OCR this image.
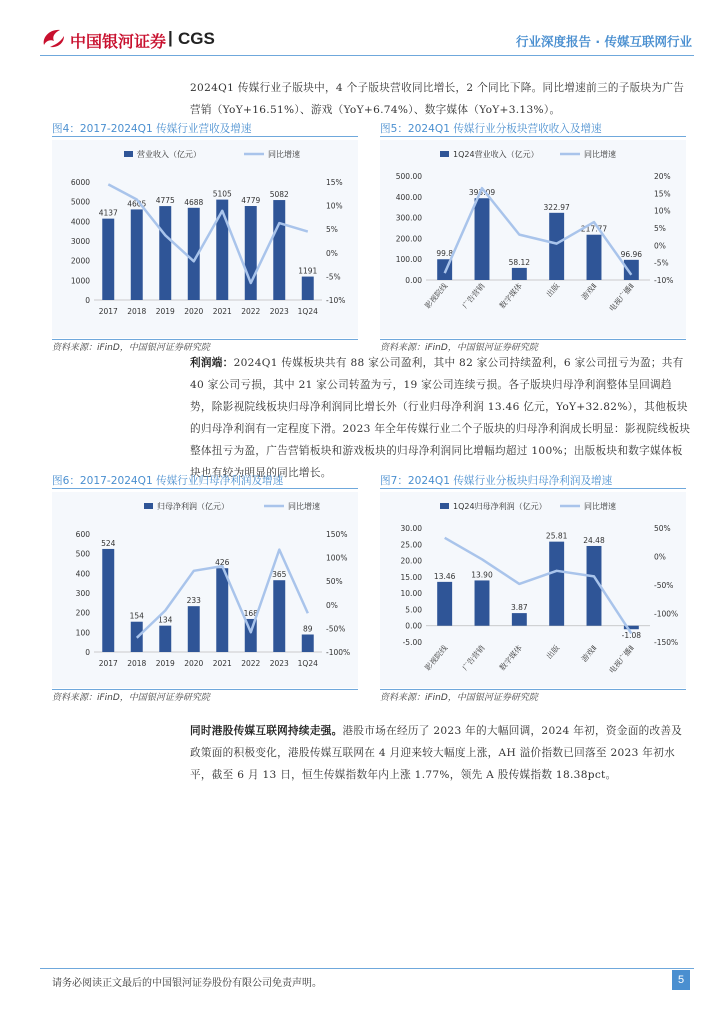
中国银河证券 | CGS	行业深度报告 · 传媒互联网行业
2024Q1 传媒行业子版块中，4 个子版块营收同比增长，2 个同比下降。同比增速前三的子版块为广告营销（YoY+16.51%）、游戏（YoY+6.74%）、数字媒体（YoY+3.13%）。
图4：2017-2024Q1 传媒行业营收及增速
营业收入（亿元）	同比增速
6000
5000
4000
3000
2000
1000
0
15%
10%
5%
0%
-5%
-10%
4137
2017
4605
2018
4775
2019
4688
2020
5105
2021
4779
2022
5082
2023
1191
1Q24
资料来源：iFinD，中国银河证券研究院
图5：2024Q1 传媒行业分板块营收收入及增速
1Q24营业收入（亿元）	同比增速
500.00
400.00
300.00
200.00
100.00
0.00
20%
15%
10%
5%
0%
-5%
-10%
99.8
影视院线
393.09
广告营销
58.12
数字媒体
322.97
出版
217.77
游戏Ⅱ
96.96
电视广播Ⅱ
资料来源：iFinD，中国银河证券研究院
利润端：2024Q1 传媒板块共有 88 家公司盈利，其中 82 家公司持续盈利，6 家公司扭亏为盈；共有 40 家公司亏损，其中 21 家公司转盈为亏，19 家公司连续亏损。各子版块归母净利润整体呈回调趋势，除影视院线板块归母净利润同比增长外（行业归母净利润 13.46 亿元，YoY+32.82%），其他板块的归母净利润有一定程度下滑。2023 年全年传媒行业二个子版块的归母净利润成长明显：影视院线板块整体扭亏为盈，广告营销板块和游戏板块的归母净利润同比增幅均超过 100%；出版板块和数字媒体板块也有较为明显的同比增长。
图6：2017-2024Q1 传媒行业归母净利润及增速
归母净利润（亿元）	同比增速
600
500
400
300
200
100
0
150%
100%
50%
0%
-50%
-100%
524
2017
154
2018
134
2019
233
2020
426
2021
168
2022
365
2023
89
1Q24
资料来源：iFinD，中国银河证券研究院
图7：2024Q1 传媒行业分板块归母净利润及增速
1Q24归母净利润（亿元）	同比增速
30.00
25.00
20.00
15.00
10.00
5.00
0.00
-5.00
50%
0%
-50%
-100%
-150%
13.46
影视院线
13.90
广告营销
3.87
数字媒体
25.81
出版
24.48
游戏Ⅱ
-1.08
电视广播Ⅱ
资料来源：iFinD，中国银河证券研究院
同时港股传媒互联网持续走强。港股市场在经历了 2023 年的大幅回调，2024 年初，资金面的改善及政策面的积极变化，港股传媒互联网在 4 月迎来较大幅度上涨，AH 溢价指数已回落至 2023 年初水平，截至 6 月 13 日，恒生传媒指数年内上涨 1.77%，领先 A 股传媒指数 18.38pct。
请务必阅读正文最后的中国银河证券股份有限公司免责声明。	5
